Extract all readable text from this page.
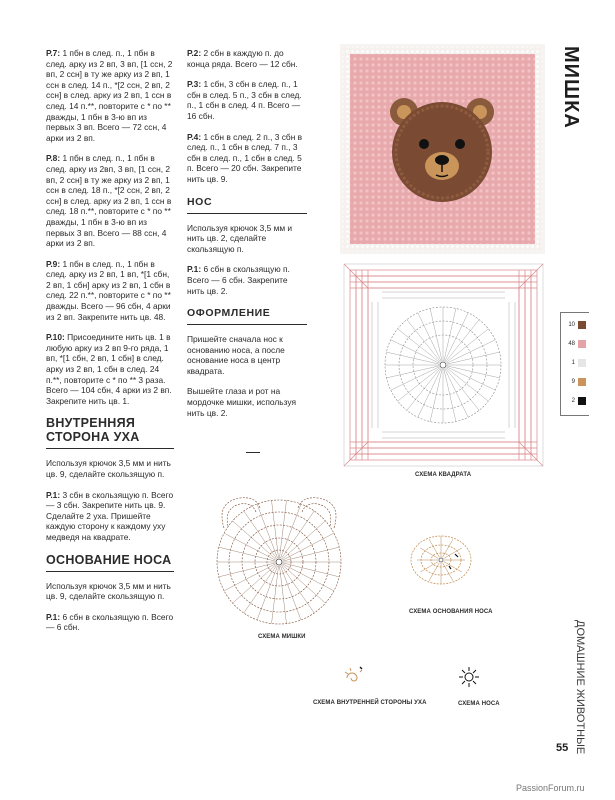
Р.7: 1 пбн в след. п., 1 пбн в след. арку из 2 вп, 3 вп, [1 ссн, 2 вп, 2 ссн] в ту же арку из 2 вп, 1 ссн в след. 14 п., *[2 ссн, 2 вп, 2 ссн] в след. арку из 2 вп, 1 ссн в след. 14 п.**, повторите с * по ** дважды, 1 пбн в 3-ю вп из первых 3 вп. Всего — 72 ссн, 4 арки из 2 вп.

Р.8: 1 пбн в след. п., 1 пбн в след. арку из 2вп, 3 вп, [1 ссн, 2 вп, 2 ссн] в ту же арку из 2 вп, 1 ссн в след. 18 п., *[2 ссн, 2 вп, 2 ссн] в след. арку из 2 вп, 1 ссн в след. 18 п.**, повторите с * по ** дважды, 1 пбн в 3-ю вп из первых 3 вп. Всего — 88 ссн, 4 арки из 2 вп.

Р.9: 1 пбн в след. п., 1 пбн в след. арку из 2 вп, 1 вп, *[1 сбн, 2 вп, 1 сбн] арку из 2 вп, 1 сбн в след. 22 п.**, повторите с * по ** дважды. Всего — 96 сбн, 4 арки из 2 вп. Закрепите нить цв. 48.

Р.10: Присоедините нить цв. 1 в любую арку из 2 вп 9-го ряда, 1 вп, *[1 сбн, 2 вп, 1 сбн] в след. арку из 2 вп, 1 сбн в след. 24 п.**, повторите с * по ** 3 раза. Всего — 104 сбн, 4 арки из 2 вп. Закрепите нить цв. 1.

ВНУТРЕННЯЯ
СТОРОНА УХА

Используя крючок 3,5 мм и нить цв. 9, сделайте скользящую п.

Р.1: 3 сбн в скользящую п. Всего — 3 сбн. Закрепите нить цв. 9. Сделайте 2 уха. Пришейте каждую сторону к каждому уху медведя на квадрате.

ОСНОВАНИЕ НОСА

Используя крючок 3,5 мм и нить цв. 9, сделайте скользящую п.

Р.1: 6 сбн в скользящую п. Всего — 6 сбн.

Р.2: 2 сбн в каждую п. до конца ряда. Всего — 12 сбн.

Р.3: 1 сбн, 3 сбн в след. п., 1 сбн в след. 5 п., 3 сбн в след. п., 1 сбн в след. 4 п. Всего — 16 сбн.

Р.4: 1 сбн в след. 2 п., 3 сбн в след. п., 1 сбн в след. 7 п., 3 сбн в след. п., 1 сбн в след. 5 п. Всего — 20 сбн. Закрепите нить цв. 9.

НОС

Используя крючок 3,5 мм и нить цв. 2, сделайте скользящую п.

Р.1: 6 сбн в скользящую п. Всего — 6 сбн. Закрепите нить цв. 2.

ОФОРМЛЕНИЕ

Пришейте сначала нос к основанию носа, а после основание носа в центр квадрата.

Вышейте глаза и рот на мордочке мишки, используя нить цв. 2.

МИШКА
СХЕМА КВАДРАТА
10
48
1
9
2
СХЕМА МИШКИ
СХЕМА ОСНОВАНИЯ НОСА
СХЕМА ВНУТРЕННЕЙ СТОРОНЫ УХА	СХЕМА НОСА	ДОМАШНИЕ ЖИВОТНЫЕ
55
PassionForum.ru
